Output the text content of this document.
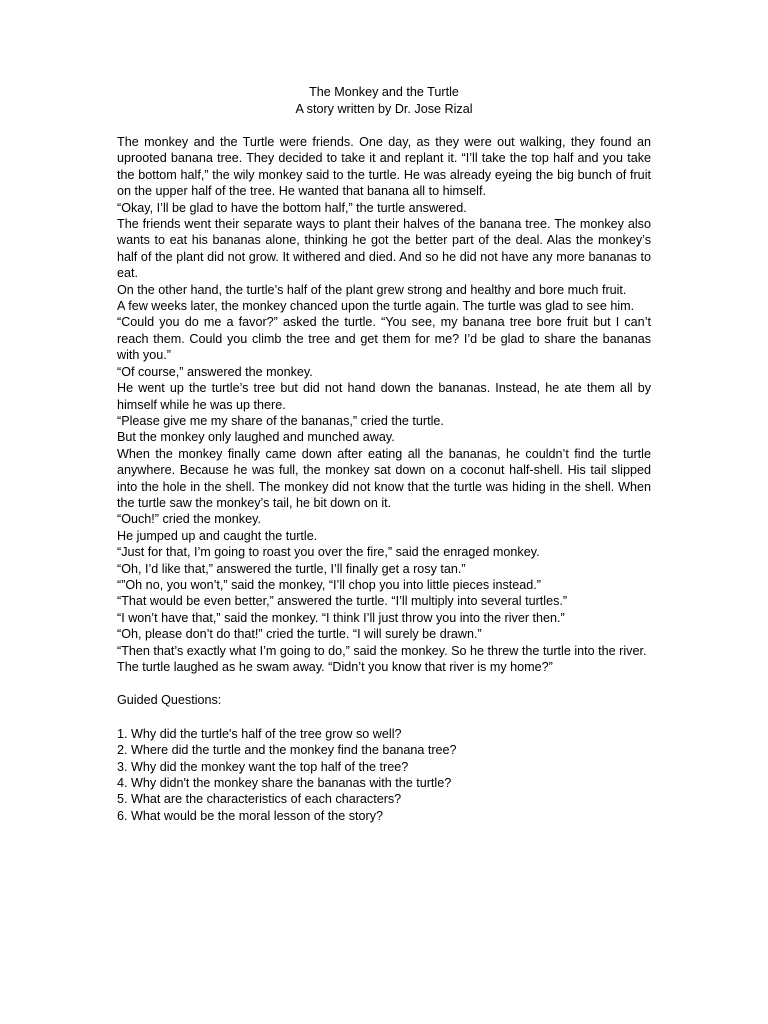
The Monkey and the Turtle
A story written by Dr. Jose Rizal

The monkey and the Turtle were friends. One day, as they were out walking, they found an uprooted banana tree. They decided to take it and replant it. “I’ll take the top half and you take the bottom half,” the wily monkey said to the turtle. He was already eyeing the big bunch of fruit on the upper half of the tree. He wanted that banana all to himself.

“Okay, I’ll be glad to have the bottom half,” the turtle answered.

The friends went their separate ways to plant their halves of the banana tree. The monkey also wants to eat his bananas alone, thinking he got the better part of the deal. Alas the monkey’s half of the plant did not grow. It withered and died. And so he did not have any more bananas to eat.

On the other hand, the turtle’s half of the plant grew strong and healthy and bore much fruit.

A few weeks later, the monkey chanced upon the turtle again. The turtle was glad to see him.

“Could you do me a favor?” asked the turtle. “You see, my banana tree bore fruit but I can’t reach them. Could you climb the tree and get them for me? I’d be glad to share the bananas with you.”

“Of course,” answered the monkey.

He went up the turtle’s tree but did not hand down the bananas. Instead, he ate them all by himself while he was up there.

“Please give me my share of the bananas,” cried the turtle.

But the monkey only laughed and munched away.

When the monkey finally came down after eating all the bananas, he couldn’t find the turtle anywhere. Because he was full, the monkey sat down on a coconut half-shell. His tail slipped into the hole in the shell. The monkey did not know that the turtle was hiding in the shell. When the turtle saw the monkey’s tail, he bit down on it.

“Ouch!” cried the monkey.

He jumped up and caught the turtle.

“Just for that, I’m going to roast you over the fire,” said the enraged monkey.

“Oh, I’d like that,” answered the turtle, I’ll finally get a rosy tan.”

“”Oh no, you won’t,” said the monkey, “I’ll chop you into little pieces instead.”

“That would be even better,” answered the turtle. “I’ll multiply into several turtles.”

“I won’t have that,” said the monkey. “I think I’ll just throw you into the river then.”

“Oh, please don’t do that!” cried the turtle. “I will surely be drawn.”

“Then that’s exactly what I’m going to do,” said the monkey. So he threw the turtle into the river.

The turtle laughed as he swam away. “Didn’t you know that river is my home?”

Guided Questions:
1. Why did the turtle's half of the tree grow so well?
2. Where did the turtle and the monkey find the banana tree?
3. Why did the monkey want the top half of the tree?
4. Why didn't the monkey share the bananas with the turtle?
5. What are the characteristics of each characters?
6. What would be the moral lesson of the story?
